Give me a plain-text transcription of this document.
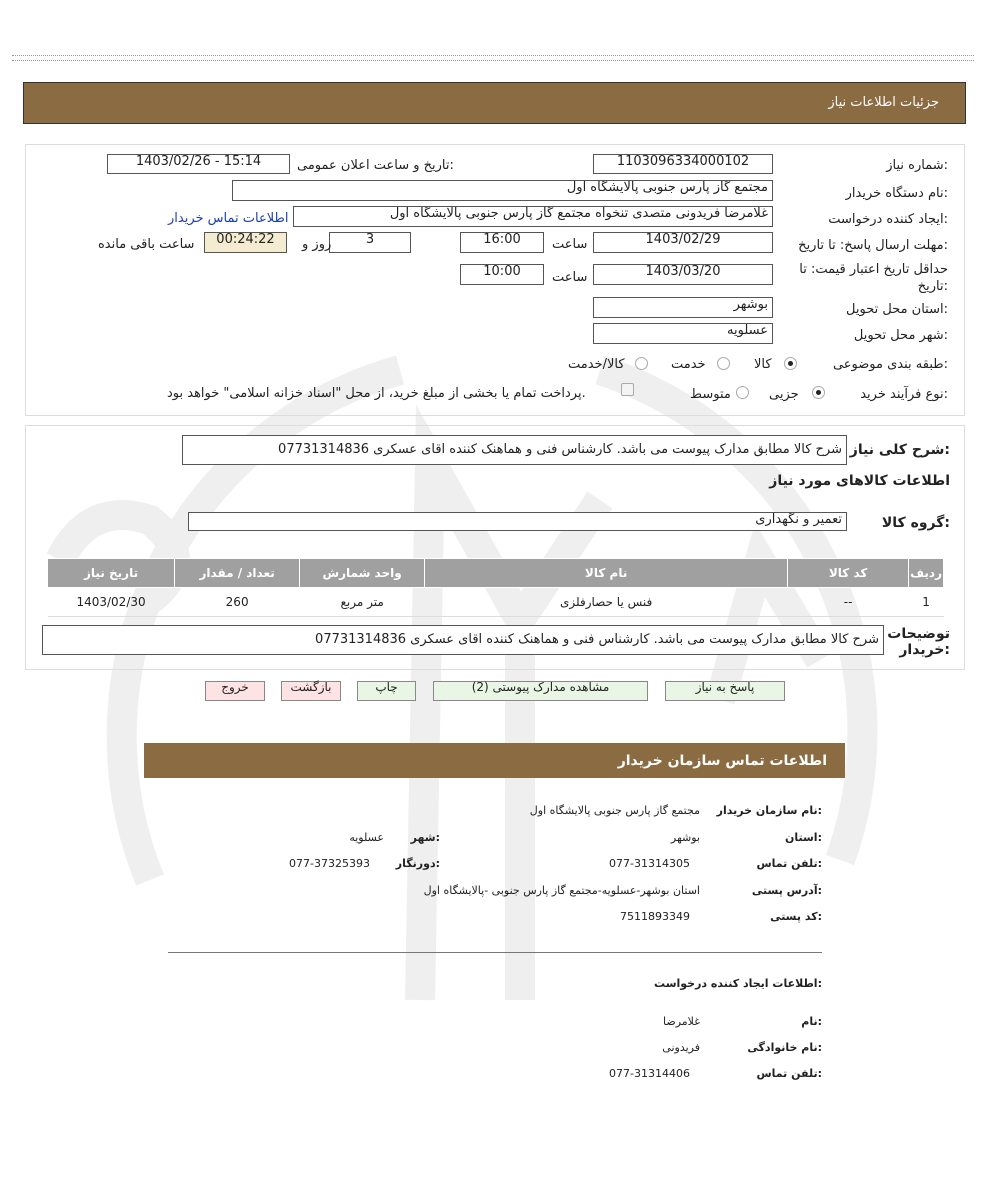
جزئیات اطلاعات نیاز
شماره نیاز:
1103096334000102
تاریخ و ساعت اعلان عمومی:
1403/02/26 - 15:14
نام دستگاه خریدار:
مجتمع گاز پارس جنوبی پالایشگاه اول
ایجاد کننده درخواست:
غلامرضا فریدونی متصدی تنخواه مجتمع گاز پارس جنوبی پالایشگاه اول
اطلاعات تماس خریدار
مهلت ارسال پاسخ: تا تاریخ:
1403/02/29
ساعت
16:00
3
روز و
00:24:22
ساعت باقی مانده
حداقل تاریخ اعتبار قیمت: تا
تاریخ:
1403/03/20
ساعت
10:00
استان محل تحویل:
بوشهر
شهر محل تحویل:
عسلویه
طبقه بندی موضوعی:
کالا
خدمت
کالا/خدمت
نوع فرآیند خرید:
جزیی
متوسط
پرداخت تمام یا بخشی از مبلغ خرید، از محل "اسناد خزانه اسلامی" خواهد بود.
شرح کلی نیاز:
شرح کالا مطابق مدارک پیوست می باشد. کارشناس فنی و هماهنک کننده اقای عسکری 07731314836
اطلاعات کالاهای مورد نیاز
گروه کالا:
تعمیر و نگهداری
ردیف	کد کالا	نام کالا	واحد شمارش	تعداد / مقدار	تاریخ نیاز
1	--	فنس یا حصارفلزی	متر مربع	260	1403/02/30
توضیحات
خریدار:
شرح کالا مطابق مدارک پیوست می باشد. کارشناس فنی و هماهنک کننده اقای عسکری 07731314836
پاسخ به نیاز
مشاهده مدارک پیوستی (2)
چاپ
بازگشت
خروج
اطلاعات تماس سازمان خریدار
نام سازمان خریدار:
مجتمع گاز پارس جنوبی پالایشگاه اول
استان:
بوشهر
شهر:
عسلویه
تلفن تماس:
077-31314305
دورنگار:
077-37325393
آدرس پستی:
استان بوشهر-عسلویه-مجتمع گاز پارس جنوبی -پالایشگاه اول
کد پستی:
7511893349
اطلاعات ایجاد کننده درخواست:
نام:
غلامرضا
نام خانوادگی:
فریدونی
تلفن تماس:
077-31314406
